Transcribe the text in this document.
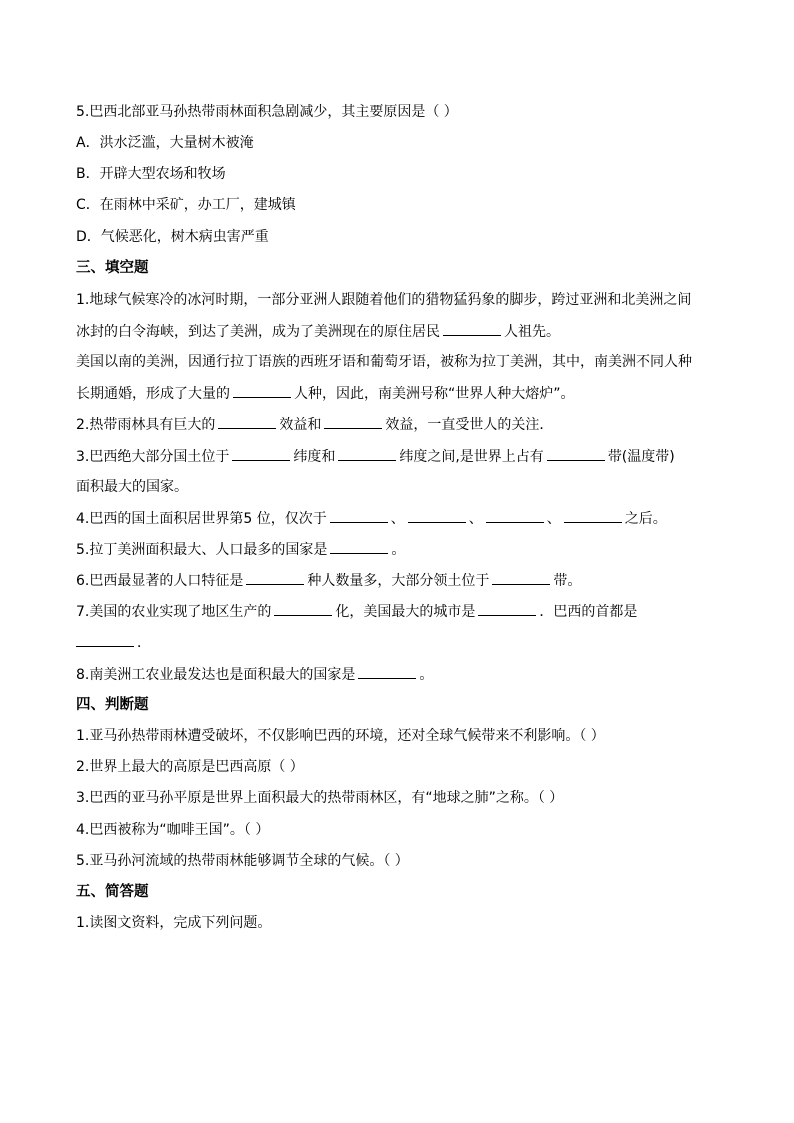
5.巴西北部亚马孙热带雨林面积急剧减少，其主要原因是（ ）
A．洪水泛滥，大量树木被淹
B．开辟大型农场和牧场
C．在雨林中采矿，办工厂，建城镇
D．气候恶化，树木病虫害严重
三、填空题
1.地球气候寒冷的冰河时期，一部分亚洲人跟随着他们的猎物猛犸象的脚步，跨过亚洲和北美洲之间
冰封的白令海峡，到达了美洲，成为了美洲现在的原住居民	人祖先。
美国以南的美洲，因通行拉丁语族的西班牙语和葡萄牙语，被称为拉丁美洲，其中，南美洲不同人种
长期通婚，形成了大量的	人种，因此，南美洲号称“世界人种大熔炉”。
2.热带雨林具有巨大的	效益和	效益，一直受世人的关注．
3.巴西绝大部分国土位于	纬度和	纬度之间,是世界上占有	带(温度带)
面积最大的国家。
4.巴西的国土面积居世界第5 位，仅次于	、	、	、	之后。
5.拉丁美洲面积最大、人口最多的国家是	。
6.巴西最显著的人口特征是	种人数量多，大部分领土位于	带。
7.美国的农业实现了地区生产的	化，美国最大的城市是	．巴西的首都是
．
8.南美洲工农业最发达也是面积最大的国家是	。
四、判断题
1.亚马孙热带雨林遭受破坏，不仅影响巴西的环境，还对全球气候带来不利影响。（ ）
2.世界上最大的高原是巴西高原（ ）
3.巴西的亚马孙平原是世界上面积最大的热带雨林区，有“地球之肺”之称。（ ）
4.巴西被称为“咖啡王国”。（ ）
5.亚马孙河流域的热带雨林能够调节全球的气候。（ ）
五、简答题
1.读图文资料，完成下列问题。
